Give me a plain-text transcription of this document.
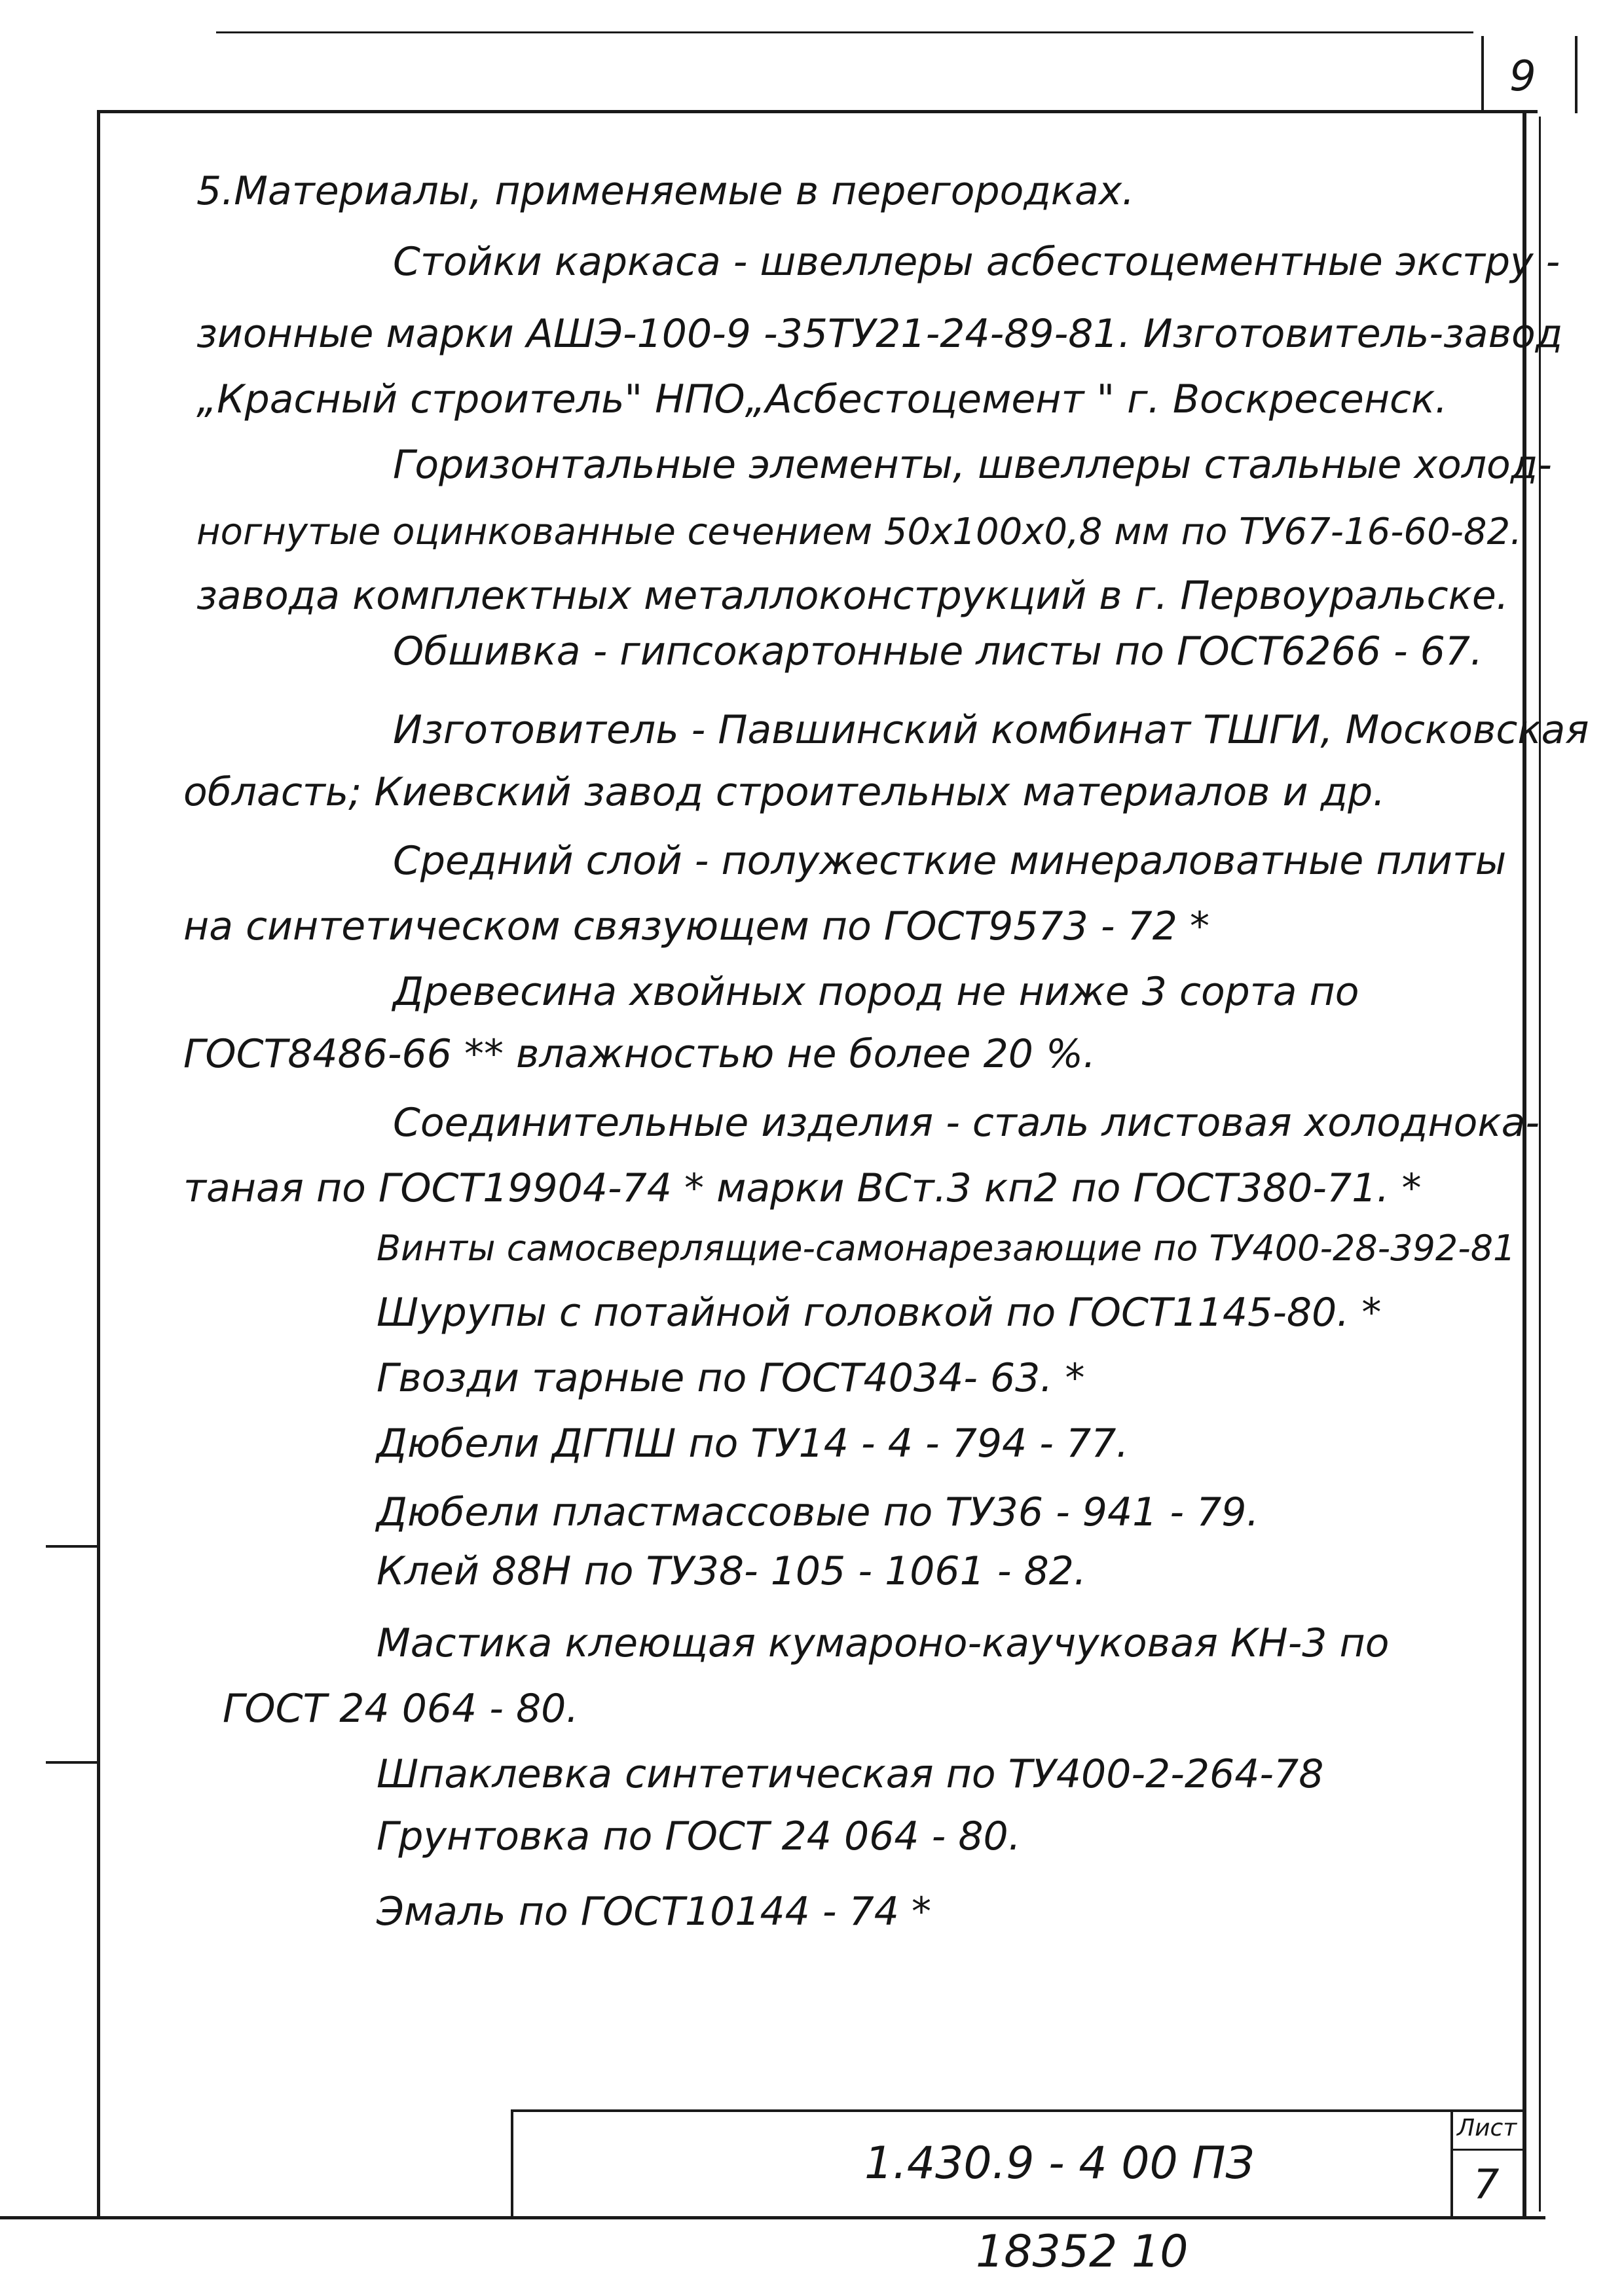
9
5.Материалы, применяемые в перегородках.
Стойки каркаса - швеллеры асбестоцементные экстру -
зионные марки АШЭ-100-9 -35ТУ21-24-89-81. Изготовитель-завод
„Красный строитель" НПО„Асбестоцемент " г. Воскресенск.
Горизонтальные элементы, швеллеры стальные холод-
ногнутые оцинкованные сечением 50х100х0,8 мм по ТУ67-16-60-82.
завода комплектных металлоконструкций в г. Первоуральске.
Обшивка - гипсокартонные листы по ГОСТ6266 - 67.
Изготовитель - Павшинский комбинат ТШГИ, Московская
область; Киевский завод строительных материалов и др.
Средний слой - полужесткие минераловатные плиты
на синтетическом связующем по ГОСТ9573 - 72 *
Древесина хвойных пород не ниже 3 сорта по
ГОСТ8486-66 ** влажностью не более 20 %.
Соединительные изделия - сталь листовая холоднока-
таная по ГОСТ19904-74 * марки ВСт.3 кп2 по ГОСТ380-71. *
Винты самосверлящие-самонарезающие по ТУ400-28-392-81
Шурупы с потайной головкой по ГОСТ1145-80. *
Гвозди тарные по ГОСТ4034- 63. *
Дюбели ДГПШ по ТУ14 - 4 - 794 - 77.
Дюбели пластмассовые по ТУ36 - 941 - 79.
Клей 88Н по ТУ38- 105 - 1061 - 82.
Мастика клеющая кумароно-каучуковая КН-3 по
ГОСТ 24 064 - 80.
Шпаклевка синтетическая по ТУ400-2-264-78
Грунтовка по ГОСТ 24 064 - 80.
Эмаль по ГОСТ10144 - 74 *
Лист
7
1.430.9 - 4 00 ПЗ
18352 10
